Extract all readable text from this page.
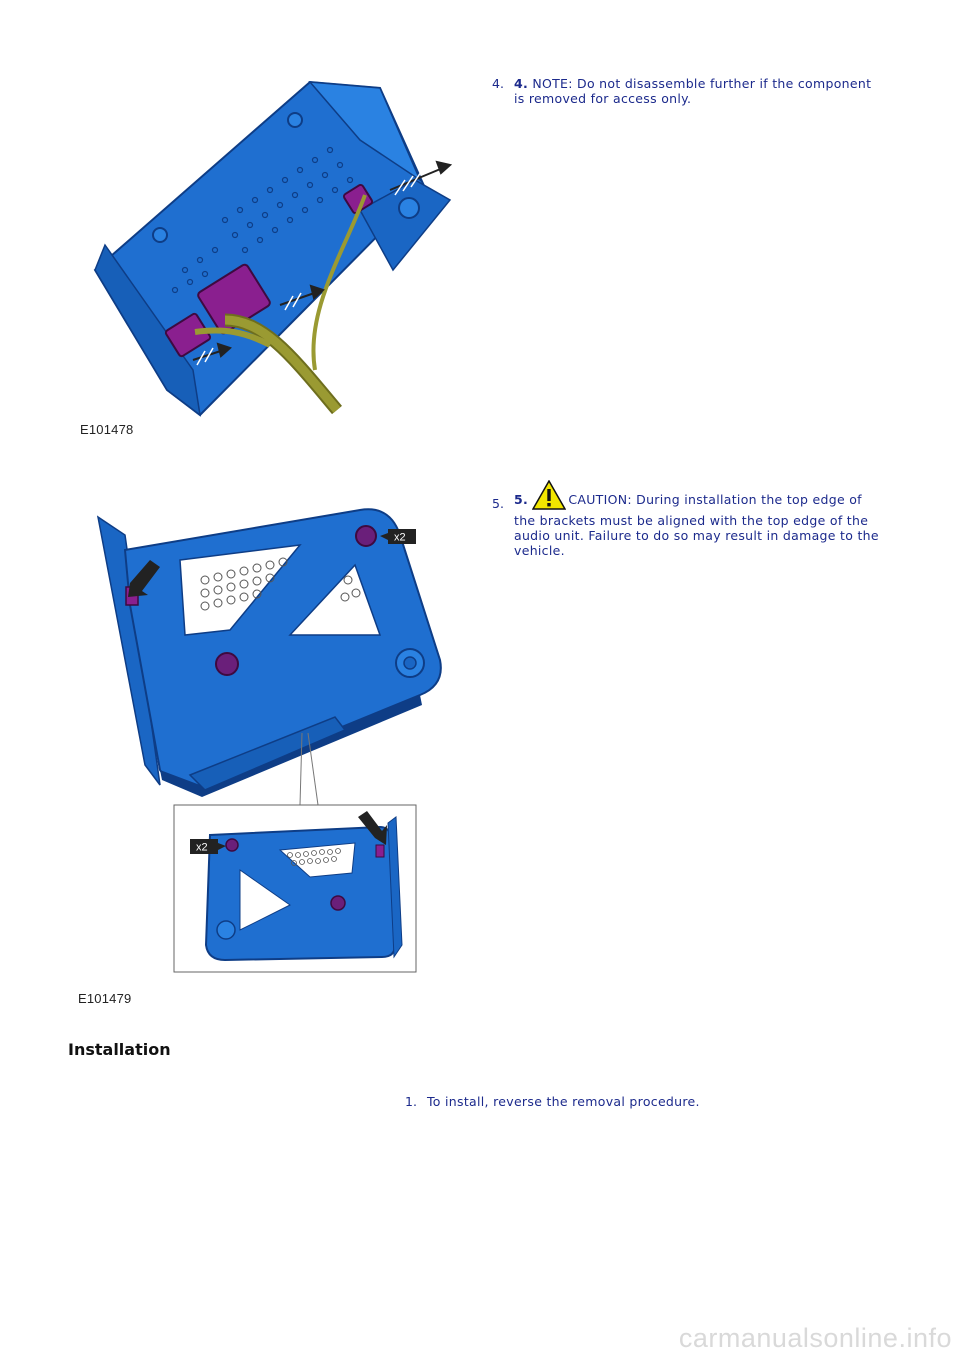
E101478
4. 4. NOTE: Do not disassemble further if the component is removed for access only.
x2
x2
E101479
5. 5.	CAUTION: During installation the top edge of the brackets must be aligned with the top edge of the audio unit. Failure to do so may result in damage to the vehicle.
Installation
1. To install, reverse the removal procedure.
carmanualsonline.info
